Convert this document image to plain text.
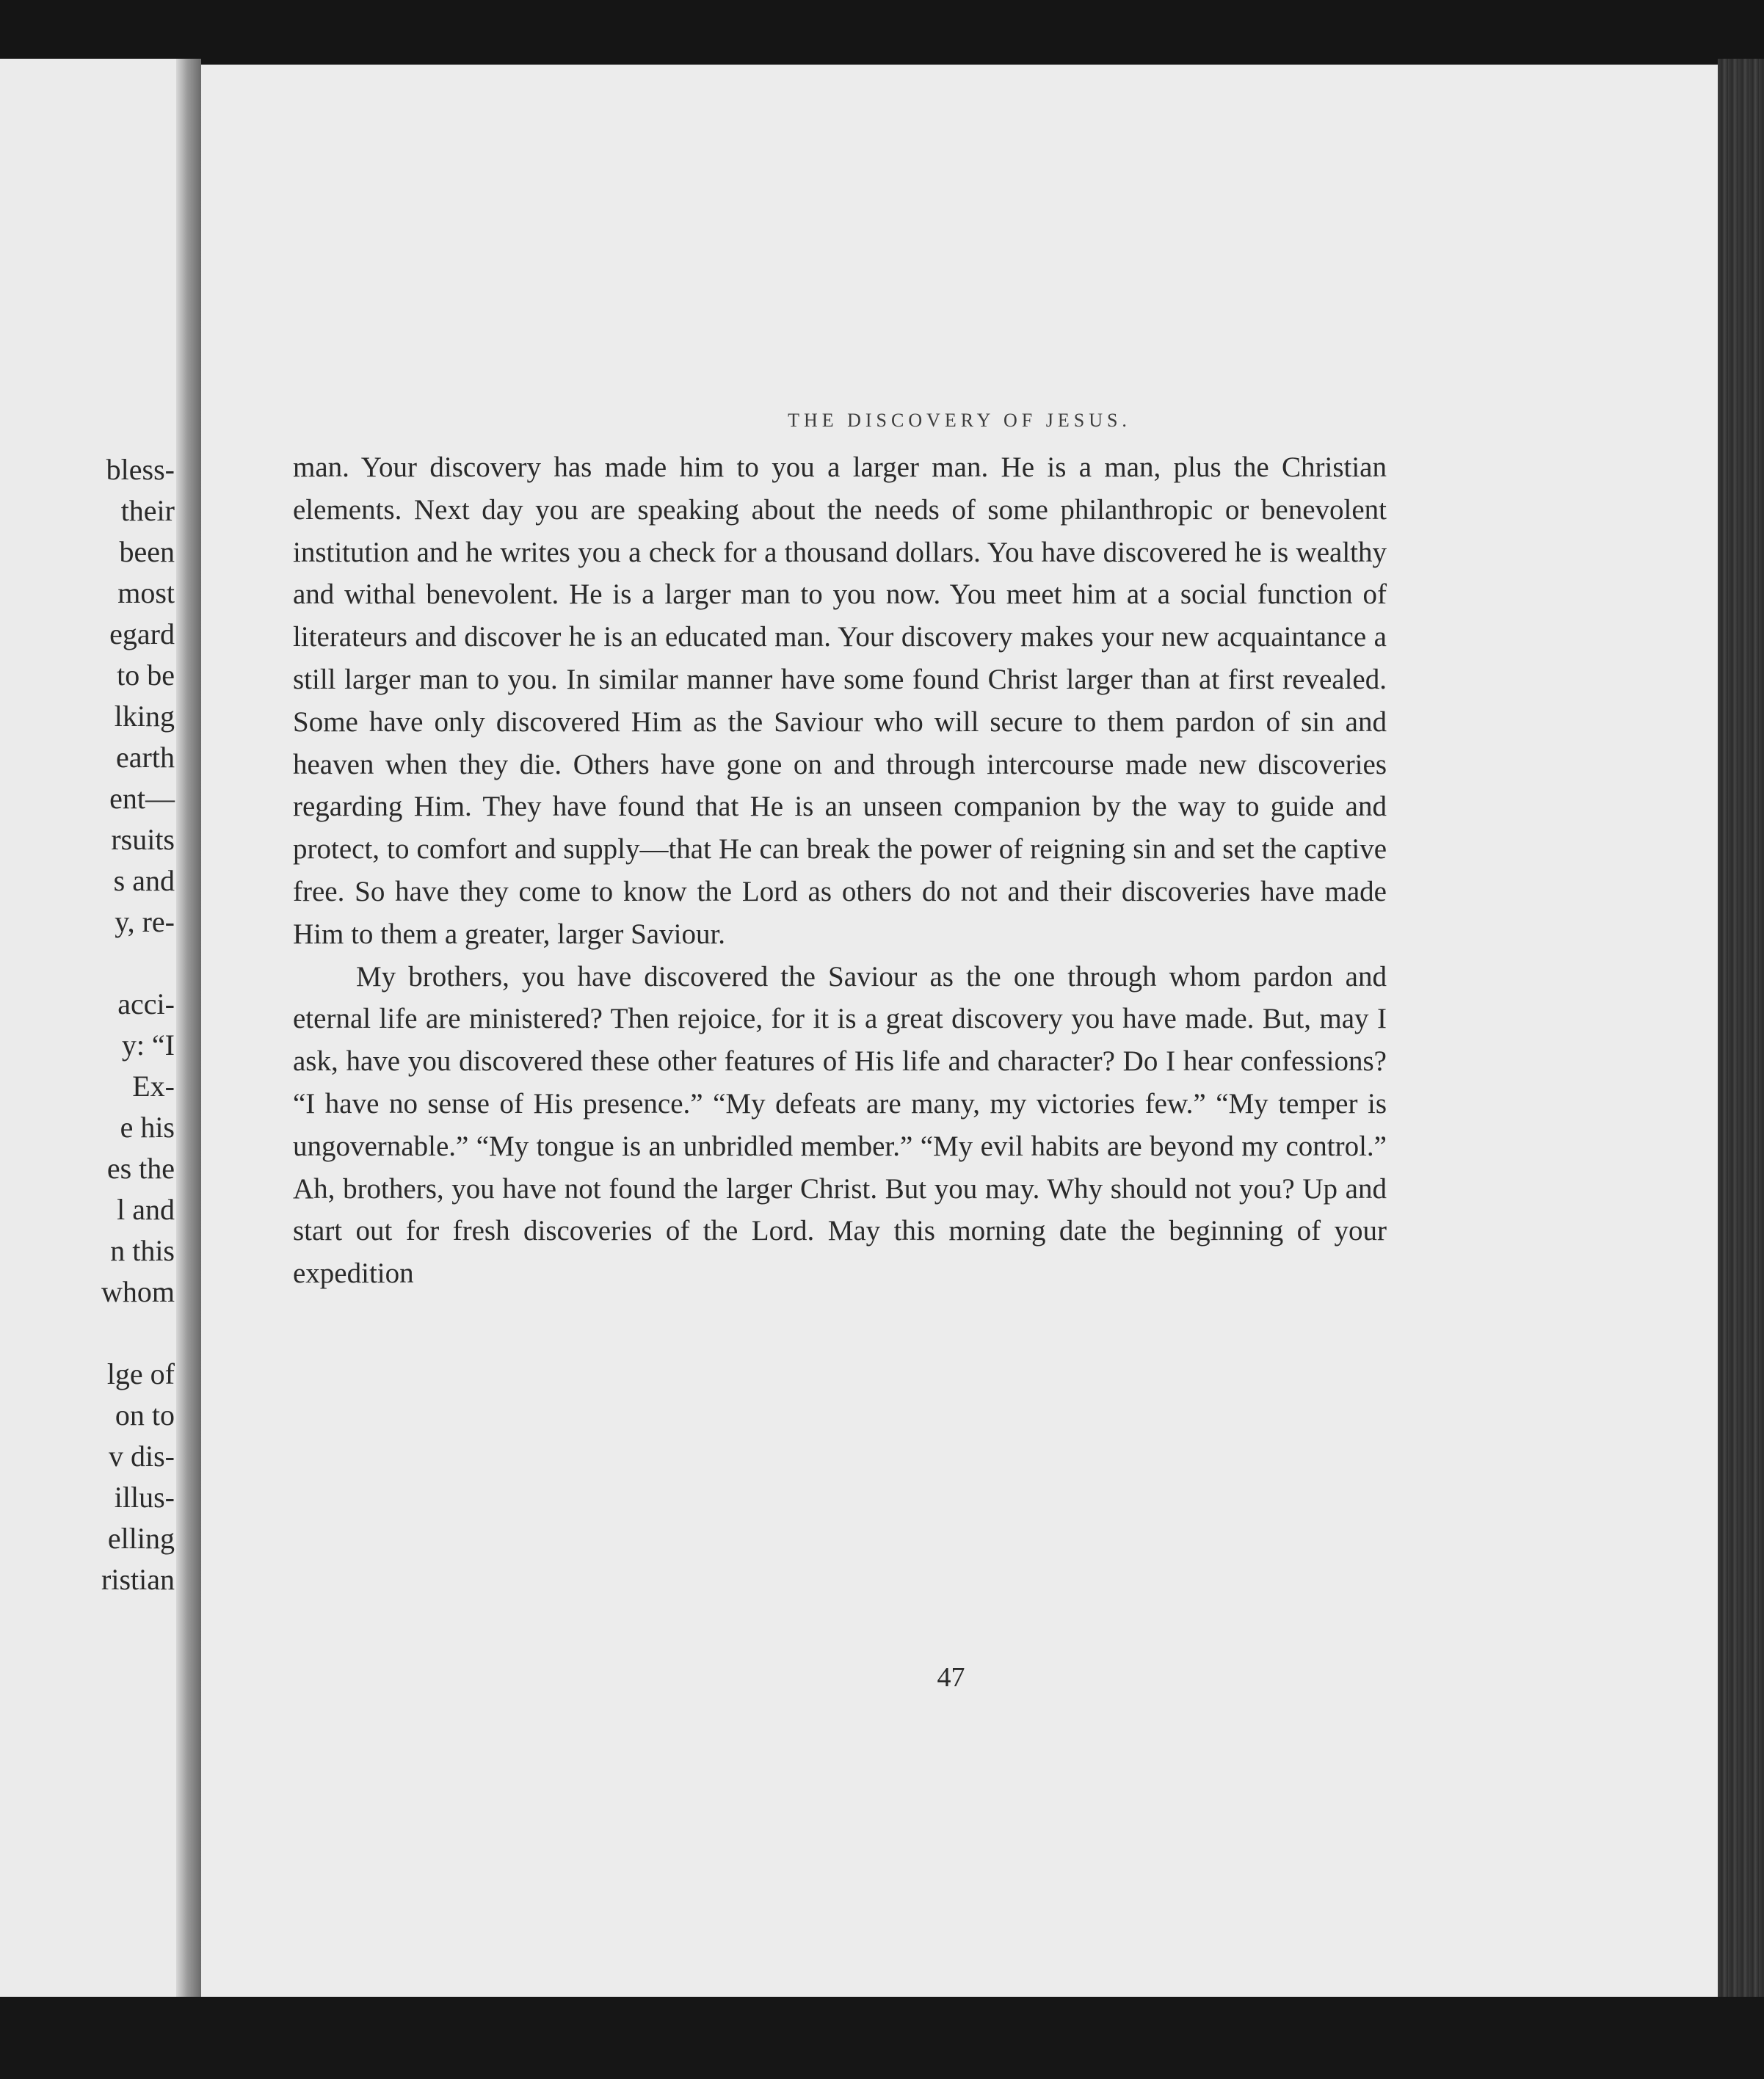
bless-
their
been
most
egard
to be
lking
earth
ent—
rsuits
s and
y, re-
acci-
y: “I
Ex-
e his
es the
l and
n this
whom
lge of
on to
v dis-
illus-
elling
ristian
THE DISCOVERY OF JESUS.

man. Your discovery has made him to you a larger man. He is a man, plus the Christian elements. Next day you are speaking about the needs of some philanthropic or benevolent institution and he writes you a check for a thousand dollars. You have discovered he is wealthy and withal benevolent. He is a larger man to you now. You meet him at a social function of literateurs and discover he is an educated man. Your discovery makes your new acquaintance a still larger man to you. In similar manner have some found Christ larger than at first revealed. Some have only discovered Him as the Saviour who will secure to them pardon of sin and heaven when they die. Others have gone on and through intercourse made new discoveries regarding Him. They have found that He is an unseen companion by the way to guide and protect, to comfort and supply—that He can break the power of reigning sin and set the captive free. So have they come to know the Lord as others do not and their discoveries have made Him to them a greater, larger Saviour.

My brothers, you have discovered the Saviour as the one through whom pardon and eternal life are ministered? Then rejoice, for it is a great discovery you have made. But, may I ask, have you discovered these other features of His life and character? Do I hear confessions? “I have no sense of His presence.” “My defeats are many, my victories few.” “My temper is ungovernable.” “My tongue is an unbridled member.” “My evil habits are beyond my control.” Ah, brothers, you have not found the larger Christ. But you may. Why should not you? Up and start out for fresh discoveries of the Lord. May this morning date the beginning of your expedition

47
